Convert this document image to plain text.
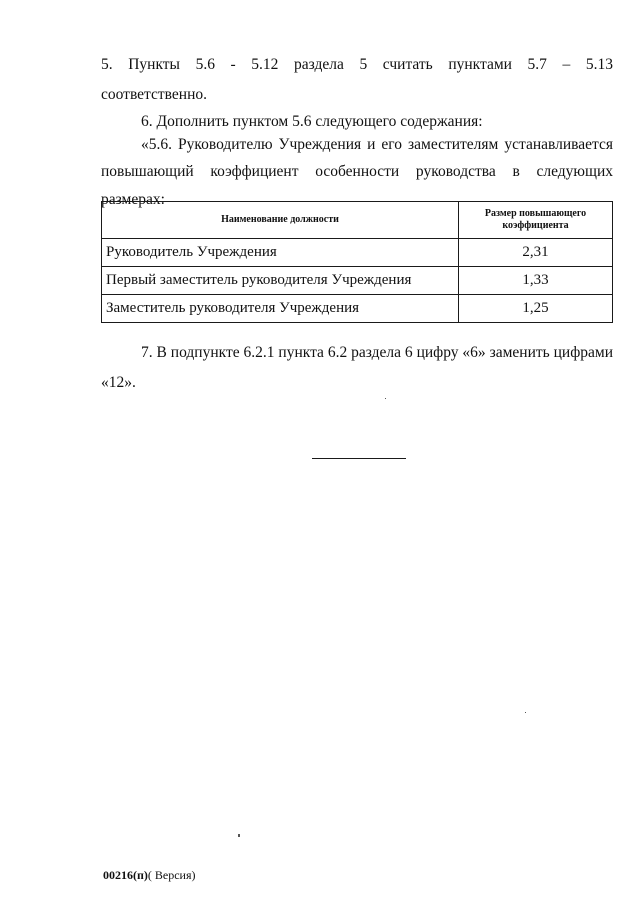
5. Пункты 5.6 - 5.12 раздела 5 считать пунктами 5.7 – 5.13

соответственно.
6. Дополнить пунктом 5.6 следующего содержания:

«5.6. Руководителю Учреждения и его заместителям устанавливается

повышающий коэффициент особенности руководства в следующих размерах:

Наименование должности	Размер повышающего коэффициента
Руководитель Учреждения	2,31
Первый заместитель руководителя Учреждения	1,33
Заместитель руководителя Учреждения	1,25

7. В подпункте 6.2.1 пункта 6.2 раздела 6 цифру «6» заменить цифрами

«12».
00216(п)( Версия)
